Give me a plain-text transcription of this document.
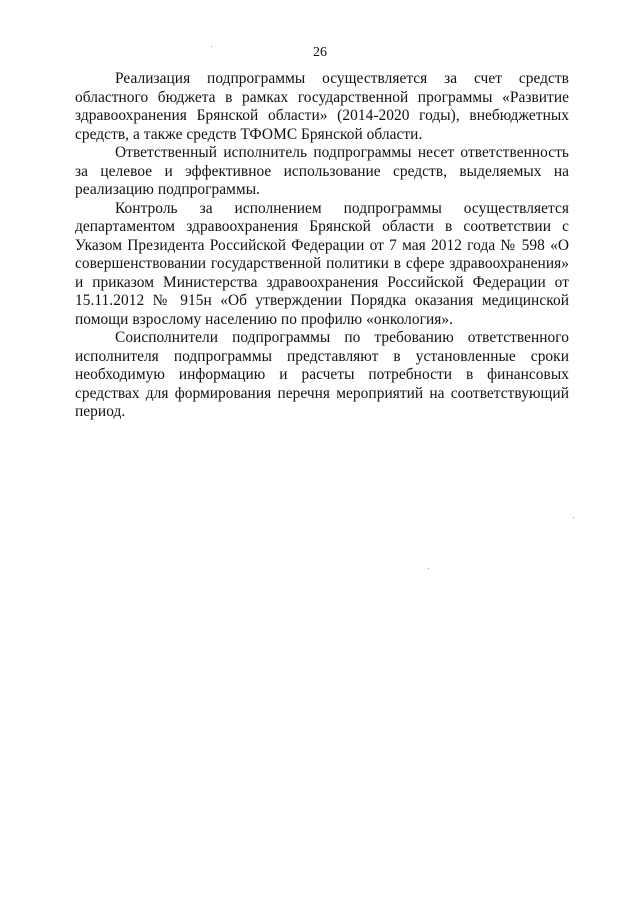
26

Реализация подпрограммы осуществляется за счет средств областного бюджета в рамках государственной программы «Развитие здравоохранения Брянской области» (2014-2020 годы), внебюджетных средств, а также средств ТФОМС Брянской области.

Ответственный исполнитель подпрограммы несет ответственность за целевое и эффективное использование средств, выделяемых на реализацию подпрограммы.

Контроль за исполнением подпрограммы осуществляется департаментом здравоохранения Брянской области в соответствии с Указом Президента Российской Федерации от 7 мая 2012 года № 598 «О совершенствовании государственной политики в сфере здравоохранения» и приказом Министерства здравоохранения Российской Федерации от 15.11.2012 № 915н «Об утверждении Порядка оказания медицинской помощи взрослому населению по профилю «онкология».

Соисполнители подпрограммы по требованию ответственного исполнителя подпрограммы представляют в установленные сроки необходимую информацию и расчеты потребности в финансовых средствах для формирования перечня мероприятий на соответствующий период.
